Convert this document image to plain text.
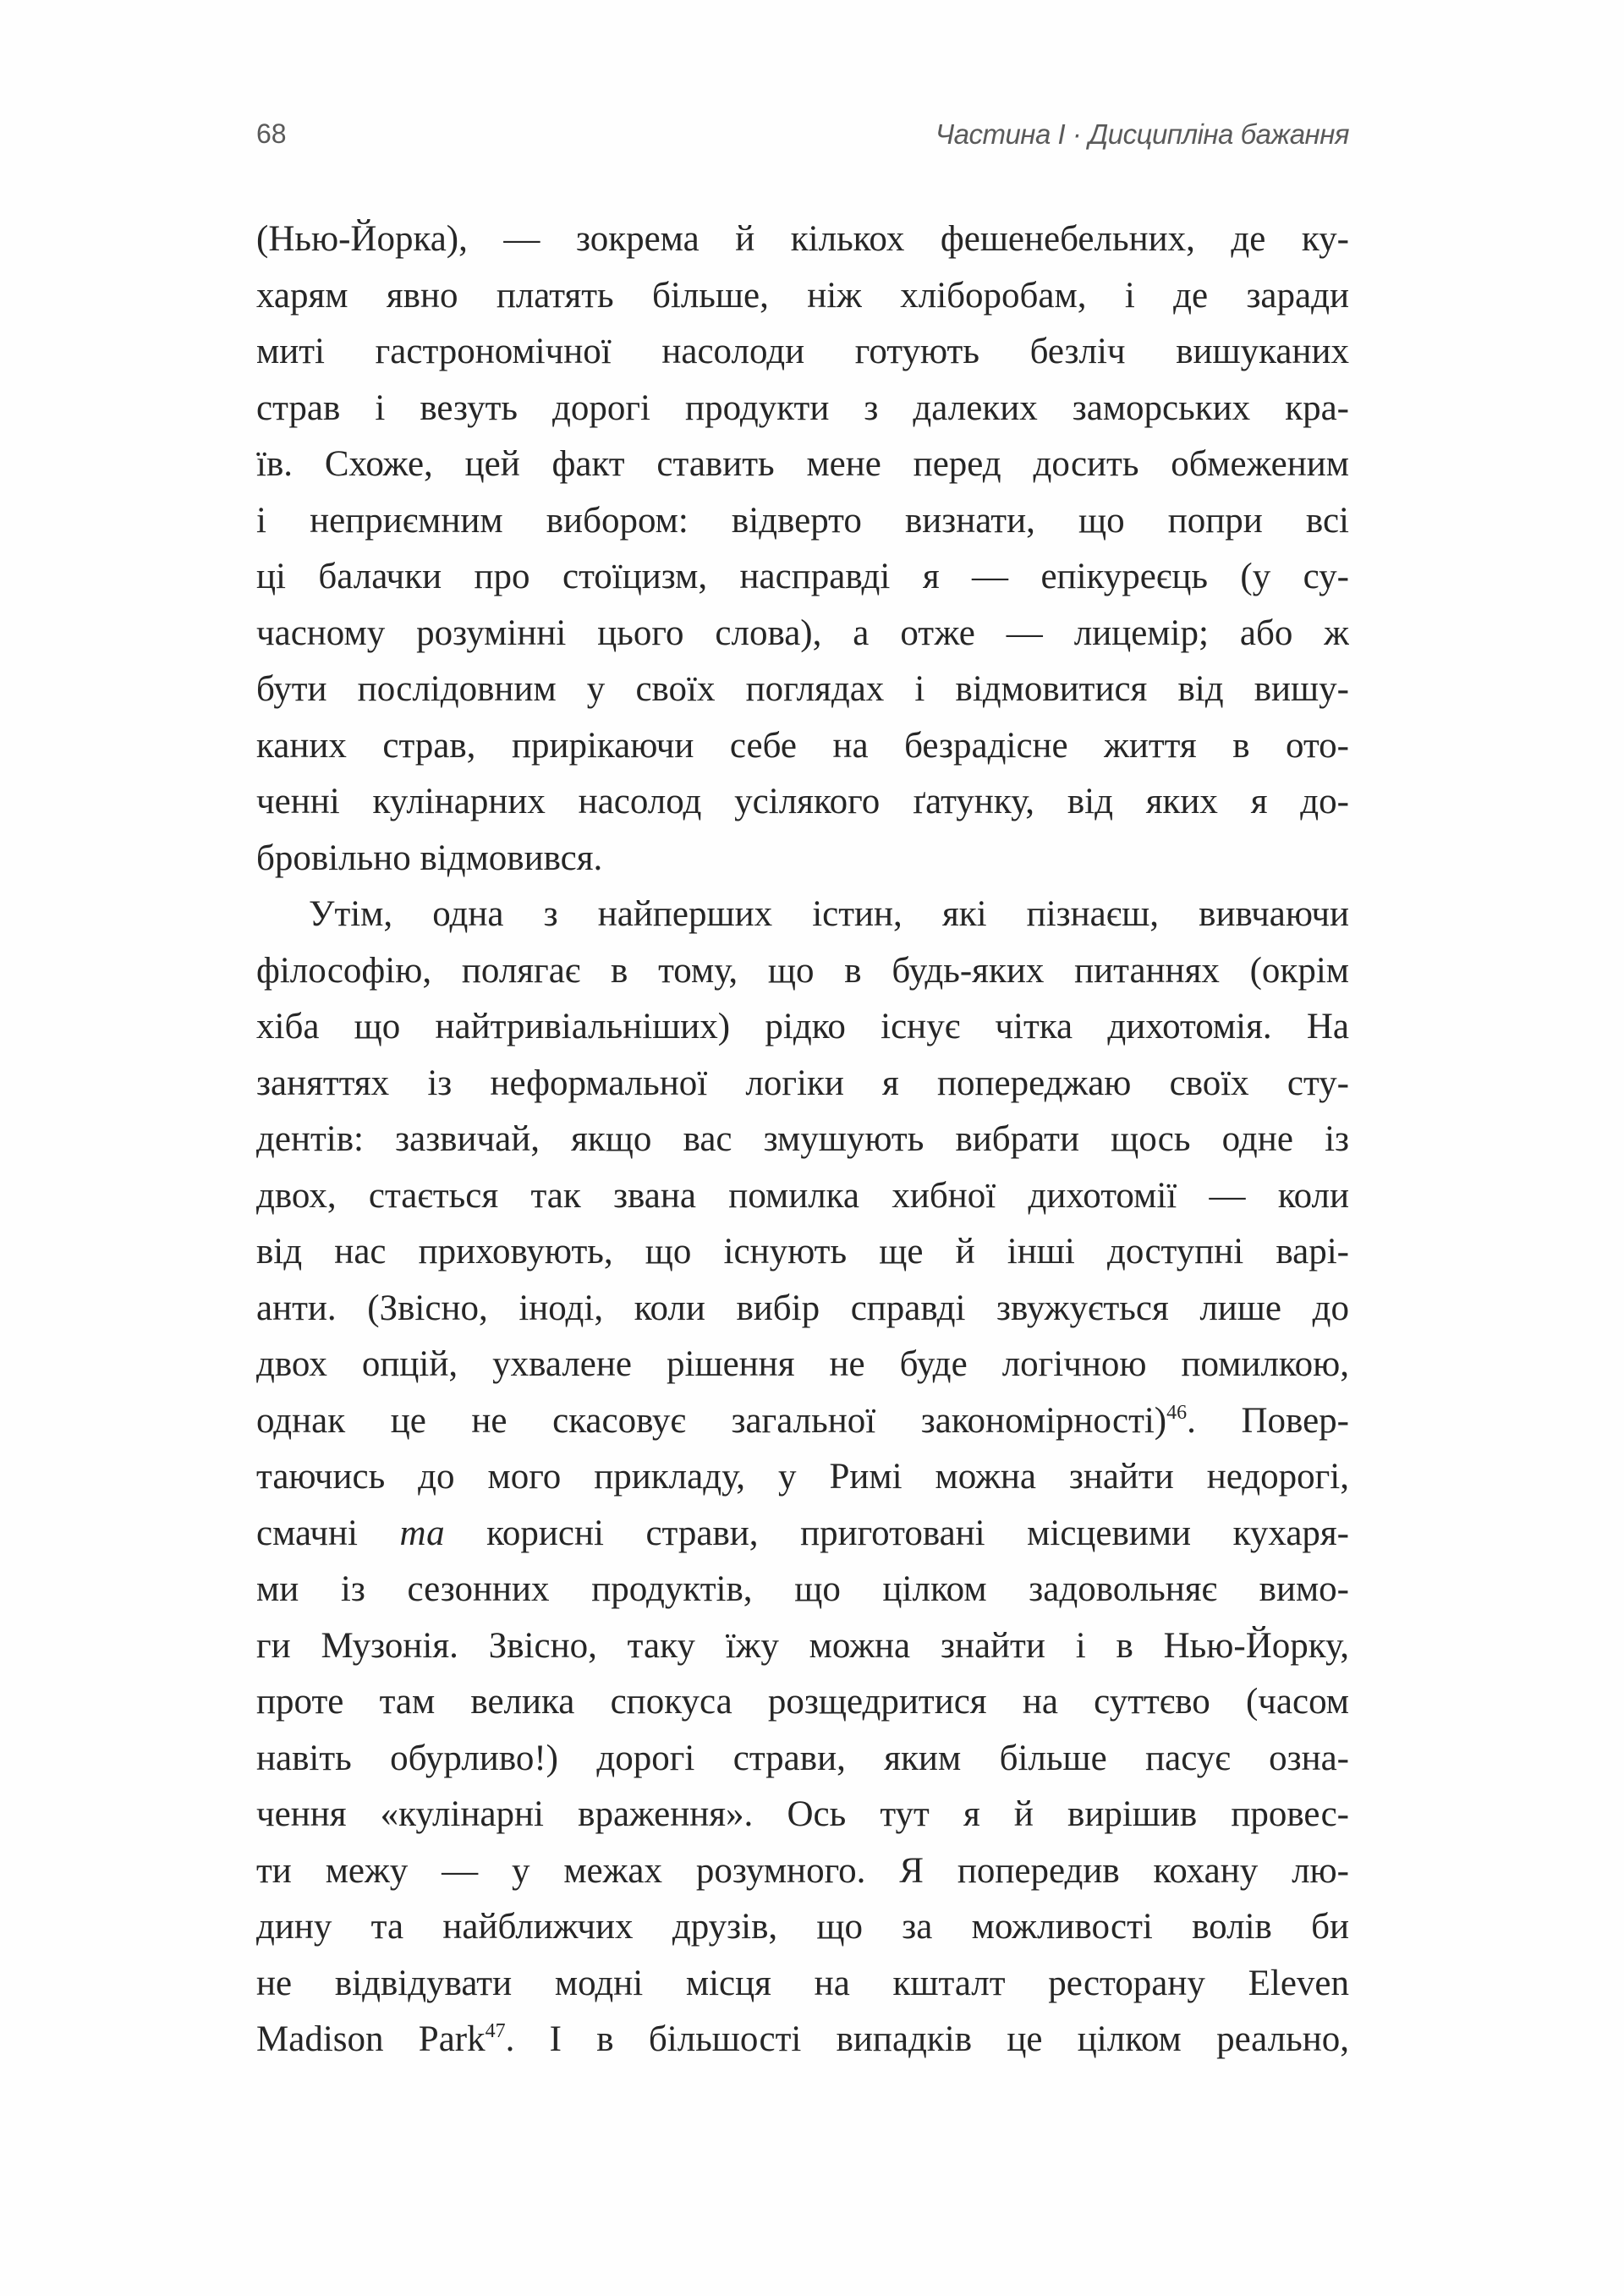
68	Частина І · Дисципліна бажання
(Нью-Йорка), — зокрема й кількох фешенебельних, де ку-
харям явно платять більше, ніж хліборобам, і де заради
миті гастрономічної насолоди готують безліч вишуканих
страв і везуть дорогі продукти з далеких заморських кра-
їв. Схоже, цей факт ставить мене перед досить обмеженим
і неприємним вибором: відверто визнати, що попри всі
ці балачки про стоїцизм, насправді я — епікуреєць (у су-
часному розумінні цього слова), а отже — лицемір; або ж
бути послідовним у своїх поглядах і відмовитися від вишу-
каних страв, прирікаючи себе на безрадісне життя в ото-
ченні кулінарних насолод усілякого ґатунку, від яких я до-
бровільно відмовився.
Утім, одна з найперших істин, які пізнаєш, вивчаючи
філософію, полягає в тому, що в будь-яких питаннях (окрім
хіба що найтривіальніших) рідко існує чітка дихотомія. На
заняттях із неформальної логіки я попереджаю своїх сту-
дентів: зазвичай, якщо вас змушують вибрати щось одне із
двох, стається так звана помилка хибної дихотомії — коли
від нас приховують, що існують ще й інші доступні варі-
анти. (Звісно, іноді, коли вибір справді звужується лише до
двох опцій, ухвалене рішення не буде логічною помилкою,
однак це не скасовує загальної закономірності)$^{46}$. Повер-
таючись до мого прикладу, у Римі можна знайти недорогі,
смачні та корисні страви, приготовані місцевими кухаря-
ми із сезонних продуктів, що цілком задовольняє вимо-
ги Музонія. Звісно, таку їжу можна знайти і в Нью-Йорку,
проте там велика спокуса розщедритися на суттєво (часом
навіть обурливо!) дорогі страви, яким більше пасує озна-
чення «кулінарні враження». Ось тут я й вирішив провес-
ти межу — у межах розумного. Я попередив кохану лю-
дину та найближчих друзів, що за можливості волів би
не відвідувати модні місця на кшталт ресторану Eleven
Madison Park$^{47}$. І в більшості випадків це цілком реально,
